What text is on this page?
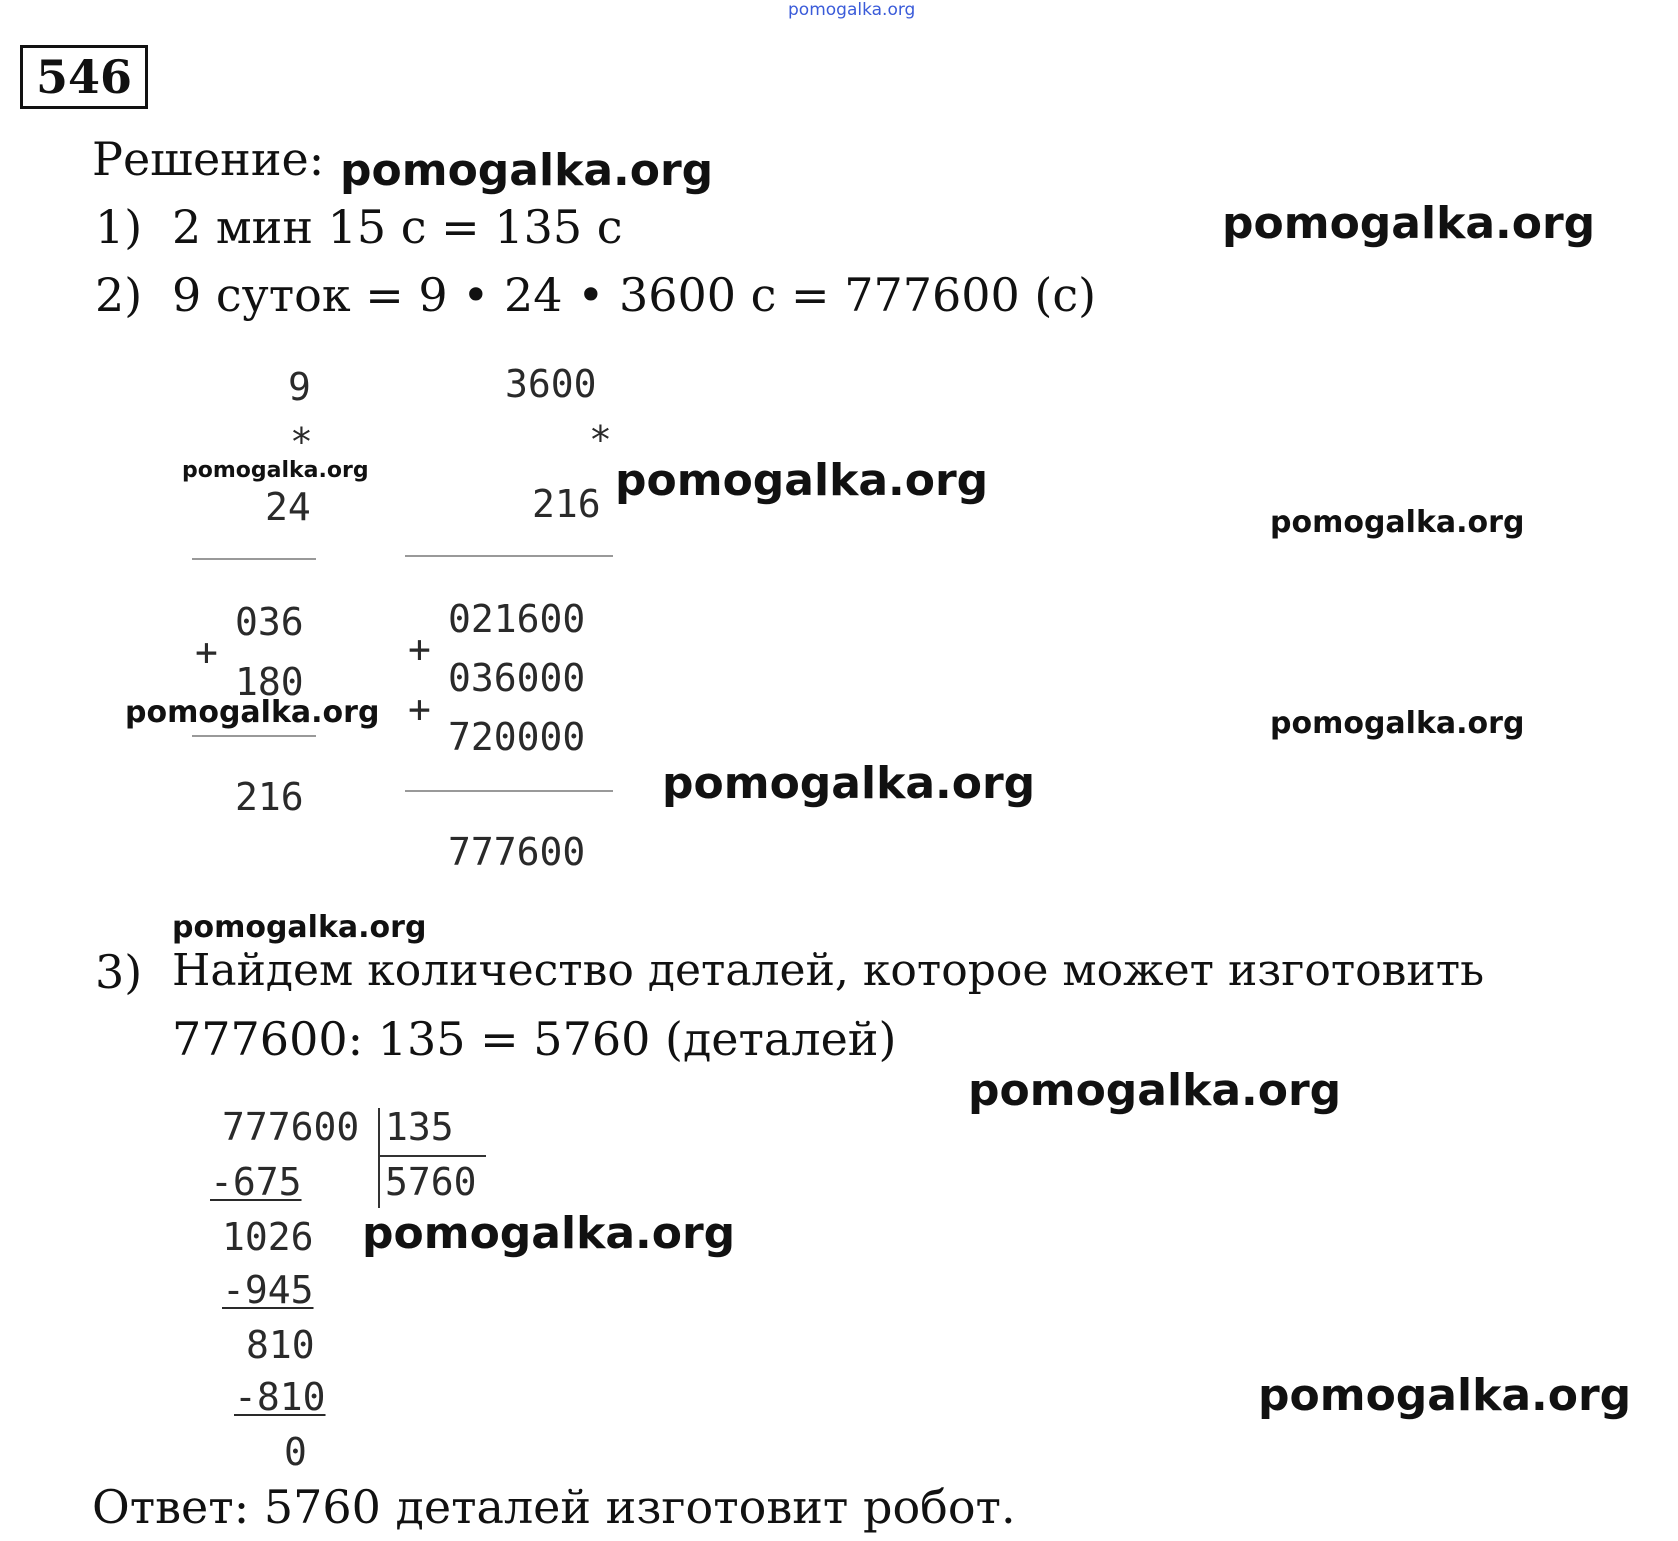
pomogalka.org
546
Решение:
1) 2 мин 15 с = 135 с
2) 9 суток = 9 • 24 • 3600 с = 777600 (с)
9
*
24
036
+
180
216
3600
*
216
021600
+
036000
+
720000
777600
3) Найдем количество деталей, которое может изготовить
777600: 135 = 5760 (деталей)
777600 135
5760
-675
1026
-945
810
-810
0
Ответ: 5760 деталей изготовит робот.
pomogalka.org
pomogalka.org
pomogalka.org	pomogalka.org
pomogalka.org
pomogalka.org	pomogalka.org
pomogalka.org
pomogalka.org
pomogalka.org
pomogalka.org
pomogalka.org
